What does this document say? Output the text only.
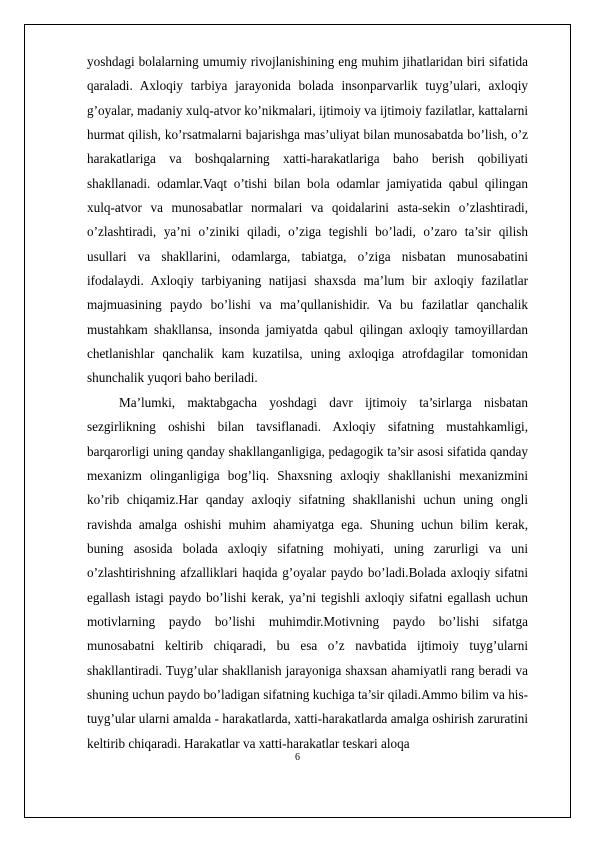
yoshdagi bolalarning umumiy rivojlanishining eng muhim jihatlaridan biri sifatida qaraladi. Axloqiy tarbiya jarayonida bolada insonparvarlik tuyg’ulari, axloqiy g’oyalar, madaniy xulq-atvor ko’nikmalari, ijtimoiy va ijtimoiy fazilatlar, kattalarni hurmat qilish, ko’rsatmalarni bajarishga mas’uliyat bilan munosabatda bo’lish, o’z harakatlariga va boshqalarning xatti-harakatlariga baho berish qobiliyati shakllanadi. odamlar.Vaqt o’tishi bilan bola odamlar jamiyatida qabul qilingan xulq-atvor va munosabatlar normalari va qoidalarini asta-sekin o’zlashtiradi, o’zlashtiradi, ya’ni o’ziniki qiladi, o’ziga tegishli bo’ladi, o’zaro ta’sir qilish usullari va shakllarini, odamlarga, tabiatga, o’ziga nisbatan munosabatini ifodalaydi. Axloqiy tarbiyaning natijasi shaxsda ma’lum bir axloqiy fazilatlar majmuasining paydo bo’lishi va ma’qullanishidir. Va bu fazilatlar qanchalik mustahkam shakllansa, insonda jamiyatda qabul qilingan axloqiy tamoyillardan chetlanishlar qanchalik kam kuzatilsa, uning axloqiga atrofdagilar tomonidan shunchalik yuqori baho beriladi.

Ma’lumki, maktabgacha yoshdagi davr ijtimoiy ta’sirlarga nisbatan sezgirlikning oshishi bilan tavsiflanadi. Axloqiy sifatning mustahkamligi, barqarorligi uning qanday shakllanganligiga, pedagogik ta’sir asosi sifatida qanday mexanizm olinganligiga bog’liq. Shaxsning axloqiy shakllanishi mexanizmini ko’rib chiqamiz.Har qanday axloqiy sifatning shakllanishi uchun uning ongli ravishda amalga oshishi muhim ahamiyatga ega. Shuning uchun bilim kerak, buning asosida bolada axloqiy sifatning mohiyati, uning zarurligi va uni o’zlashtirishning afzalliklari haqida g’oyalar paydo bo’ladi.Bolada axloqiy sifatni egallash istagi paydo bo’lishi kerak, ya’ni tegishli axloqiy sifatni egallash uchun motivlarning paydo bo’lishi muhimdir.Motivning paydo bo’lishi sifatga munosabatni keltirib chiqaradi, bu esa o’z navbatida ijtimoiy tuyg’ularni shakllantiradi. Tuyg’ular shakllanish jarayoniga shaxsan ahamiyatli rang beradi va shuning uchun paydo bo’ladigan sifatning kuchiga ta’sir qiladi.Ammo bilim va his-tuyg’ular ularni amalda - harakatlarda, xatti-harakatlarda amalga oshirish zaruratini keltirib chiqaradi. Harakatlar va xatti-harakatlar teskari aloqa

6
